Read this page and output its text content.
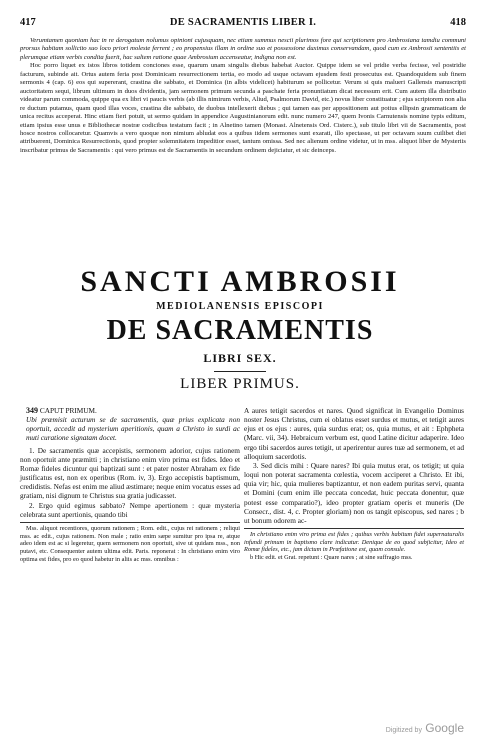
417	DE SACRAMENTIS LIBER I.	418

Verumtamen quoniam hac in re derogatum nolumus opinioni cujusquam, nec etiam summus nescii plurimos fore qui scriptionem pro Ambrosiana tamdiu communi prorsus habitam sollicito suo loco priori moleste ferrent ; eo propensius illam in ordine suo et possessione duximus conservandam, quod cum ex Ambrosii sententiis et plerumque etiam verbis condita fuerit, hac saltem ratione quae Ambrosium accenseatur, indigna non est.

Hoc porro liquet ex istos libros totidem conciones esse, quarum unam singulis diebus habebat Auctor. Quippe idem se vel pridie verba fecisse, vel postridie facturum, subinde ait. Ortus autem feria post Dominicam resurrectionem tertia, eo modo ad usque octavam ejusdem festi prosecutus est. Quandoquidem sub finem sermonis 4 (cap. 6) eos qui supererant, crastina die sabbato, et Dominica (in albis videlicet) habiturum se pollicetur. Verum si quis malueri Gallensis manuscripti auctoritatem sequi, librum ultimum in duos dividentis, jam sermonem primum secunda a paschate feria pronuntiatum dicat necessum erit. Cum autem illa distributio videatur parum commoda, quippe qua ex libri vi paucis verbis (ab illis nimirum verbis, Aliud, Psalmorum David, etc.) novus liber constituatur ; ejus scriptorem non alia re ductum putamus, quam quod illas voces, crastina die sabbato, de duobus intellexerit diebus ; qui tamen eas per appositionem aut potius ellipsin grammaticam de unica recitus acceperat. Hinc etiam fieri potuit, ut sermo quidam in appendice Augustinianorum edit. nunc numero 247, quem Ivonis Carnutensis nomine typis editum, etiam ipsius esse unus e Bibliothecæ nostræ codicibus testatum facit ; in Alnetino tamen (Monast. Alnetensis Ord. Cisterc.), sub titulo libri vii de Sacramentis, post hosce nostros collocaretur. Quamvis a vero quoque non nimium abludat eos a quibus iidem sermones sunt exarati, illo spectasse, ut per octavam suum cuilibet diei attribuerent, Dominica Resurrectionis, quod propter solemnitatem impeditior esset, tantum omissa. Sed nec alienum ordine videtur, ut in mss. aliquot liber de Mysteriis inscribatur primus de Sacramentis : qui vero primus est de Sacramentis in secundum ordinem dejiciatur, et sic deinceps.

SANCTI AMBROSII
MEDIOLANENSIS EPISCOPI
DE SACRAMENTIS
LIBRI SEX.
LIBER PRIMUS.

349 CAPUT PRIMUM.

Ubi præmisit acturum se de sacramentis, quæ prius explicata non oportuit, accedit ad mysterium aperitionis, quam a Christo in surdi ac muti curatione signatam docet.

1. De sacramentis quæ accepistis, sermonem adorior, cujus rationem non oportuit ante præmitti ; in christiano enim viro prima est fides. Ideo et Romæ fideles dicuntur qui baptizati sunt : et pater noster Abraham ex fide justificatus est, non ex operibus (Rom. iv, 3). Ergo accepistis baptismum, credidistis. Nefas est enim me aliud æstimare; neque enim vocatus esses ad gratiam, nisi dignum te Christus sua gratia judicasset.

2. Ergo quid egimus sabbato? Nempe apertionem : quæ mysteria celebrata sunt apertionis, quando tibi

Mss. aliquot recentiores, quorum rationem ; Rom. edit., cujus rei rationem ; reliqui mss. ac edit., cujus rationem. Non male ; ratio enim sæpe sumitur pro ipsa re, atque adeo idem est ac si legeretur, quem sermonem non oportuit, sive ut quidam mss., non putavi, etc. Consequenter autem ultima edit. Paris. reponerat : In christiano enim viro optima est fides, pro eo quod habetur in aliis ac mss. omnibus :

A aures tetigit sacerdos et nares. Quod significat in Evangelio Dominus noster Jesus Christus, cum ei oblatus esset surdus et mutus, et tetigit aures ejus et os ejus : aures, quia surdus erat; os, quia mutus, et ait : Ephpheta (Marc. vii, 34). Hebraicum verbum est, quod Latine dicitur adaperire. Ideo ergo tibi sacerdos aures tetigit, ut aperirentur aures tuæ ad sermonem, et ad alloquium sacerdotis.

3. Sed dicis mihi : Quare nares? Ibi quia mutus erat, os tetigit; ut quia loqui non poterat sacramenta cœlestia, vocem acciperet a Christo. Et ibi, quia vir; hic, quia mulieres baptizantur, et non eadem puritas servi, quanta et Domini (cum enim ille peccata concedat, huic peccata donentur, quæ potest esse comparatio?), ideo propter gratiam operis et muneris (De Consecr., dist. 4, c. Propter gloriam) non os tangit episcopus, sed nares ; b ut bonum odorem ac-

In christiano enim viro prima est fides ; quibus verbis habitum fidei supernaturalis infundi primum in baptismo clare indicatur. Denique de eo quod subjicitur, Ideo et Romæ fideles, etc., jam dictum in Præfatione est, quam consule.

b Hic edit. et Grat. repetunt : Quare nares ; at sine suffragio mss.

Digitized by Google
